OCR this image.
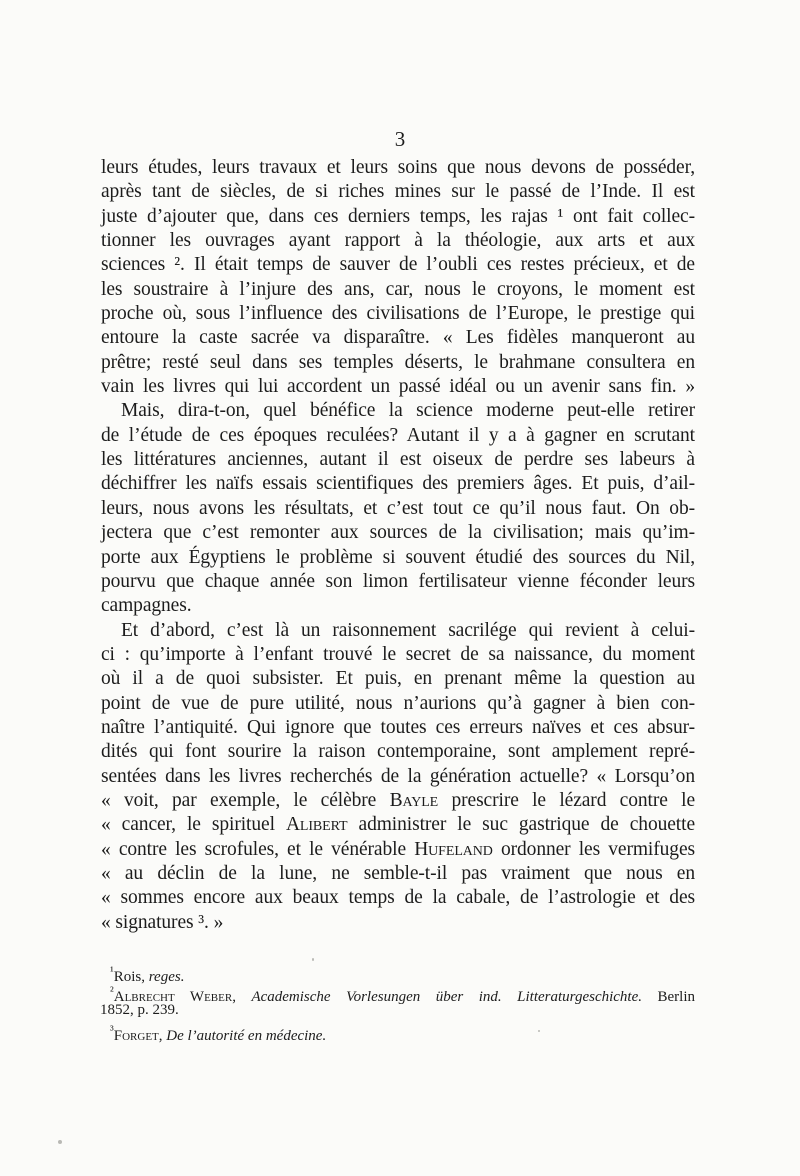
3
leurs études, leurs travaux et leurs soins que nous devons de posséder,
après tant de siècles, de si riches mines sur le passé de l’Inde. Il est
juste d’ajouter que, dans ces derniers temps, les rajas ¹ ont fait collec-
tionner les ouvrages ayant rapport à la théologie, aux arts et aux
sciences ². Il était temps de sauver de l’oubli ces restes précieux, et de
les soustraire à l’injure des ans, car, nous le croyons, le moment est
proche où, sous l’influence des civilisations de l’Europe, le prestige qui
entoure la caste sacrée va disparaître. « Les fidèles manqueront au
prêtre; resté seul dans ses temples déserts, le brahmane consultera en
vain les livres qui lui accordent un passé idéal ou un avenir sans fin. »
Mais, dira-t-on, quel bénéfice la science moderne peut-elle retirer
de l’étude de ces époques reculées? Autant il y a à gagner en scrutant
les littératures anciennes, autant il est oiseux de perdre ses labeurs à
déchiffrer les naïfs essais scientifiques des premiers âges. Et puis, d’ail-
leurs, nous avons les résultats, et c’est tout ce qu’il nous faut. On ob-
jectera que c’est remonter aux sources de la civilisation; mais qu’im-
porte aux Égyptiens le problème si souvent étudié des sources du Nil,
pourvu que chaque année son limon fertilisateur vienne féconder leurs
campagnes.
Et d’abord, c’est là un raisonnement sacrilége qui revient à celui-
ci : qu’importe à l’enfant trouvé le secret de sa naissance, du moment
où il a de quoi subsister. Et puis, en prenant même la question au
point de vue de pure utilité, nous n’aurions qu’à gagner à bien con-
naître l’antiquité. Qui ignore que toutes ces erreurs naïves et ces absur-
dités qui font sourire la raison contemporaine, sont amplement repré-
sentées dans les livres recherchés de la génération actuelle? « Lorsqu’on
« voit, par exemple, le célèbre Bayle prescrire le lézard contre le
« cancer, le spirituel Alibert administrer le suc gastrique de chouette
« contre les scrofules, et le vénérable Hufeland ordonner les vermifuges
« au déclin de la lune, ne semble-t-il pas vraiment que nous en
« sommes encore aux beaux temps de la cabale, de l’astrologie et des
« signatures ³. »
$^{^1}$Rois, reges.
$^{^2}$Albrecht Weber, Academische Vorlesungen über ind. Litteraturgeschichte. Berlin
1852, p. 239.
$^{^3}$Forget, De l’autorité en médecine.
